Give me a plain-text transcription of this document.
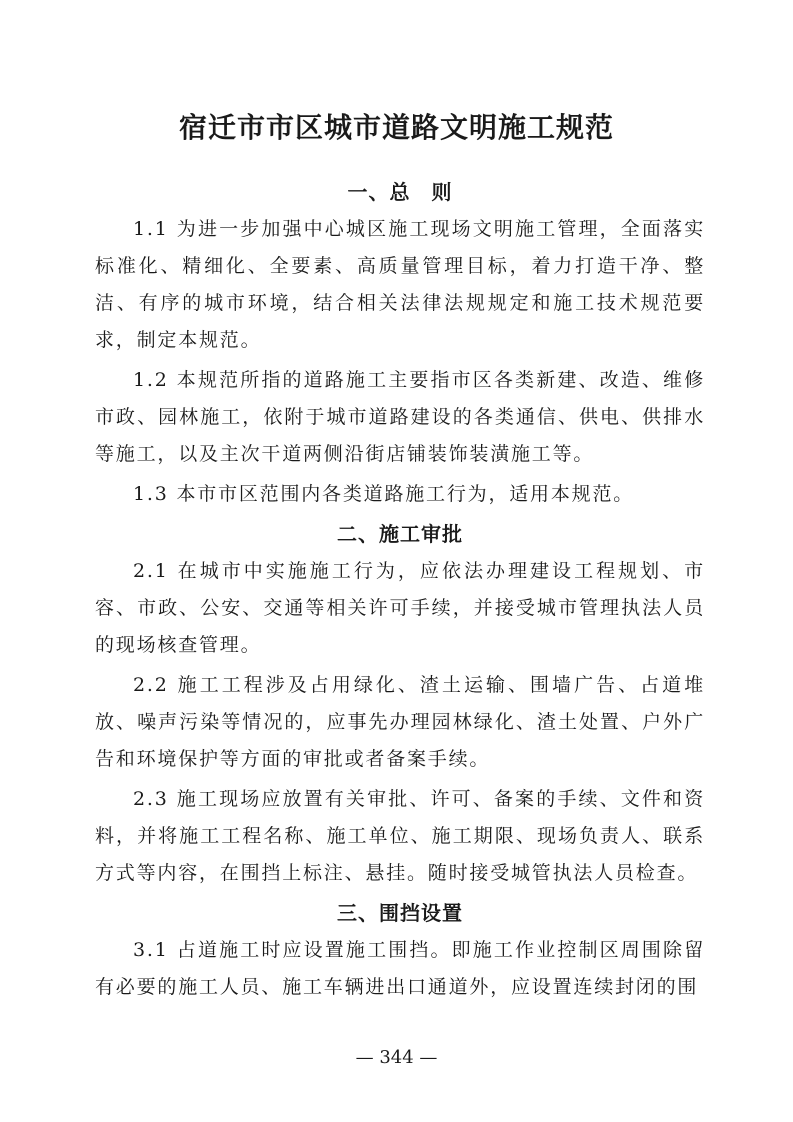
宿迁市市区城市道路文明施工规范
一、总　则

1.1 为进一步加强中心城区施工现场文明施工管理，全面落实标准化、精细化、全要素、高质量管理目标，着力打造干净、整洁、有序的城市环境，结合相关法律法规规定和施工技术规范要求，制定本规范。

1.2 本规范所指的道路施工主要指市区各类新建、改造、维修市政、园林施工，依附于城市道路建设的各类通信、供电、供排水等施工，以及主次干道两侧沿街店铺装饰装潢施工等。

1.3 本市市区范围内各类道路施工行为，适用本规范。

二、施工审批

2.1 在城市中实施施工行为，应依法办理建设工程规划、市容、市政、公安、交通等相关许可手续，并接受城市管理执法人员的现场核查管理。

2.2 施工工程涉及占用绿化、渣土运输、围墙广告、占道堆放、噪声污染等情况的，应事先办理园林绿化、渣土处置、户外广告和环境保护等方面的审批或者备案手续。

2.3 施工现场应放置有关审批、许可、备案的手续、文件和资料，并将施工工程名称、施工单位、施工期限、现场负责人、联系方式等内容，在围挡上标注、悬挂。随时接受城管执法人员检查。

三、围挡设置

3.1 占道施工时应设置施工围挡。即施工作业控制区周围除留有必要的施工人员、施工车辆进出口通道外，应设置连续封闭的围

— 344 —
